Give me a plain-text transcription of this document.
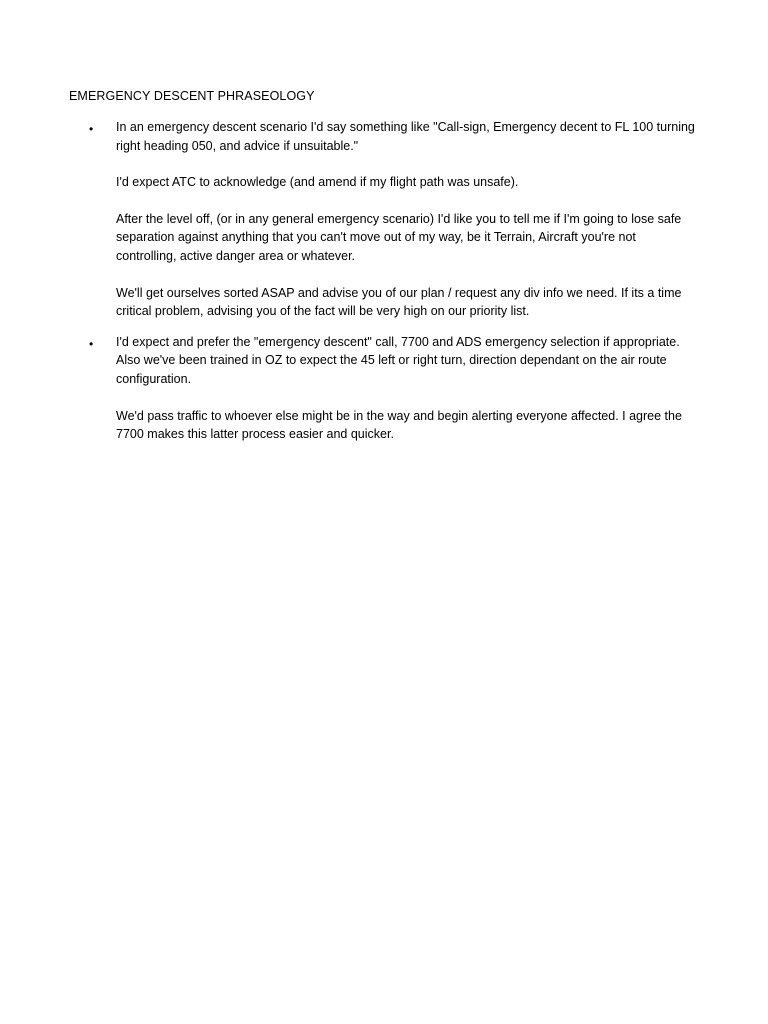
EMERGENCY DESCENT PHRASEOLOGY
• In an emergency descent scenario I'd say something like "Call-sign, Emergency decent to FL 100 turning right heading 050, and advice if unsuitable."

I'd expect ATC to acknowledge (and amend if my flight path was unsafe).

After the level off, (or in any general emergency scenario) I'd like you to tell me if I'm going to lose safe separation against anything that you can't move out of my way, be it Terrain, Aircraft you're not controlling, active danger area or whatever.

We'll get ourselves sorted ASAP and advise you of our plan / request any div info we need. If its a time critical problem, advising you of the fact will be very high on our priority list.

• I'd expect and prefer the "emergency descent" call, 7700 and ADS emergency selection if appropriate. Also we've been trained in OZ to expect the 45 left or right turn, direction dependant on the air route configuration.

We'd pass traffic to whoever else might be in the way and begin alerting everyone affected. I agree the 7700 makes this latter process easier and quicker.
